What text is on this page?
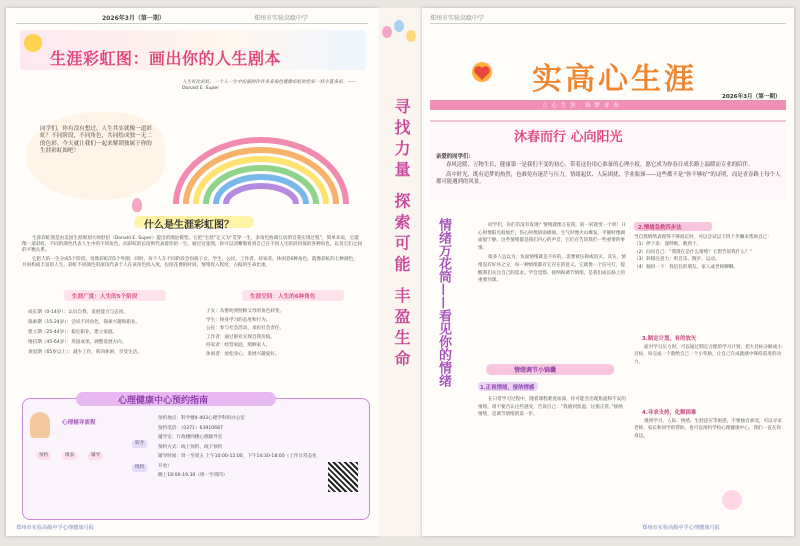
2026年3月（第一期）	郑州市实验高级中学
生涯彩虹图：画出你的人生剧本
人生好比彩虹，一个人一生中扮演的许许多多角色就像彩虹的色彩一样丰富多彩。——Donald E. Super
同学们，你有没有想过，人生其实就像一道彩虹？不同阶段，不同角色，共同绘成独一无二的色彩。今天就让我们一起来解锁独属于你的生涯彩虹图吧！
什么是生涯彩虹图？

生涯彩虹图是由美国生涯规划大师舒伯（Donald E. Super）提出的理论模型。它把“生涯”定义为“贯穿一生、多角色协调互动的自我实现过程”，简单来说，它就像一道彩虹，不同的颜色代表人生中的不同角色，而彩虹的长度则代表着你的一生。通过这张图，你可以清晰地看到自己在不同人生阶段扮演的各种角色，以及它们之间的平衡关系。

它把人的一生分成5个阶段，说像彩虹的5个外圈；同时，每个人在不同阶段会扮演子女、学生、公民、工作者、持家者、休闲者6种角色。就像彩虹的七种颜色，共同构成丰富的人生。彩虹不同颜色的深浅代表个人在该角色投入度，包括花费的时间、情绪投入程度、占据的生命比重。

生涯广度：人生的5个阶段	生涯空间：人生的6种角色
成长期（0-14岁）：认识自我，发展能力与态度。
探索期（15-24岁）：尝试不同角色，探索兴趣和职业。
建立期（25-44岁）：稳定职业，建立家庭。
维持期（45-64岁）：巩固成果，调整发展方向。
衰退期（65岁以上）：减少工作，转向休闲，享受生活。
子女：从婴幼到照顾父母的角色转变。
学生：终身学习的态度和行为。
公民：参与社会活动，承担社会责任。
工作者：通过职业实现自我价值。
持家者：经营家庭，照顾家人。
休闲者：放松身心，发展兴趣爱好。
心理健康中心预约指南
心理辅导流程
预约	填表	辅导
转介
续约
预约地点：科学楼4-403心理学科组办公室
预约电话：（0371）63910687
辅导室：行政楼四楼心理辅导室
预约方式：线上预约、线下预约
辅导时间：周一至周五 上午10:00-12:00，下午14:30-18:00（工作日常态化开放）
晚上18:00-19:30（周一至周四）
郑州市实验高级中学心理健康月报
寻找力量 探索可能 丰盈生命
郑州市实验高级中学
实高心生涯
立 心 生 涯 · 筑 梦 青 春
2026年3月（第一期）
沐春而行 心向阳光
亲爱的同学们：

春风送暖，万物生长，健康第一是我们不变的初心。带着这份用心准备的心理小报，愿它成为你春日成长路上温暖而专业的陪伴。

高中时光，既有追梦的热烈，也难免有迷茫与压力。情绪起伏、人际困扰、学业瓶颈——这些都不是“你不够好”的证明，而是青春路上每个人都可能遇到的风景。

情绪万花筒——看见你的情绪	同学们，你们有没有发现？情绪就像万花筒，转一转就变一个样！开心时像阳光般灿烂，伤心时像阴雨绵绵，生气时像火山爆发，平静时像湖面般宁静。这些情绪都是我们内心的声音，它们在告诉我们一些重要的事情。

很多人总以为，负面情绪就是不好的，需要被压抑或消灭。其实，情绪没有好坏之分，每一种情绪都有它存在的意义。它就像一个信号灯，提醒我们关注自己的需求。学会觉察、接纳和调节情绪，是我们成长路上的重要功课。

情绪调节小锦囊
1.正视情绪，接纳情感
在日常学习过程中，随着课程难度加深，你可能会出现焦虑和不安的情绪。请不要否认这些感受，告诉自己：“我感到焦虑，这很正常。”接纳情绪，是调节情绪的第一步。
2.情绪急救四步法
当自我情绪表现得不够稳定时，可以尝试以下四个步骤来帮助自己：
（1）停下来：深呼吸，数到十。
（2）问问自己：“我现在是什么情绪？它想告诉我什么？”
（3）转移注意力：听音乐、散步、运动。
（4）倾诉一下：找信任的朋友、家人或老师聊聊。
3.制定计划，有的放矢
面对学习压力时，可以通过制定合理的学习计划，把大目标分解成小目标，每完成一个就给自己一个小奖励，让自己在成就感中保持前进的动力。
4.寻求支持，化解困难
遇到学习、人际、情绪、生涯适应等困惑，不要独自承受，可以寻求老师、家长和同学的帮助，也可以预约学校心理健康中心，我们一直在你身边。
郑州市实验高级中学心理健康月报
